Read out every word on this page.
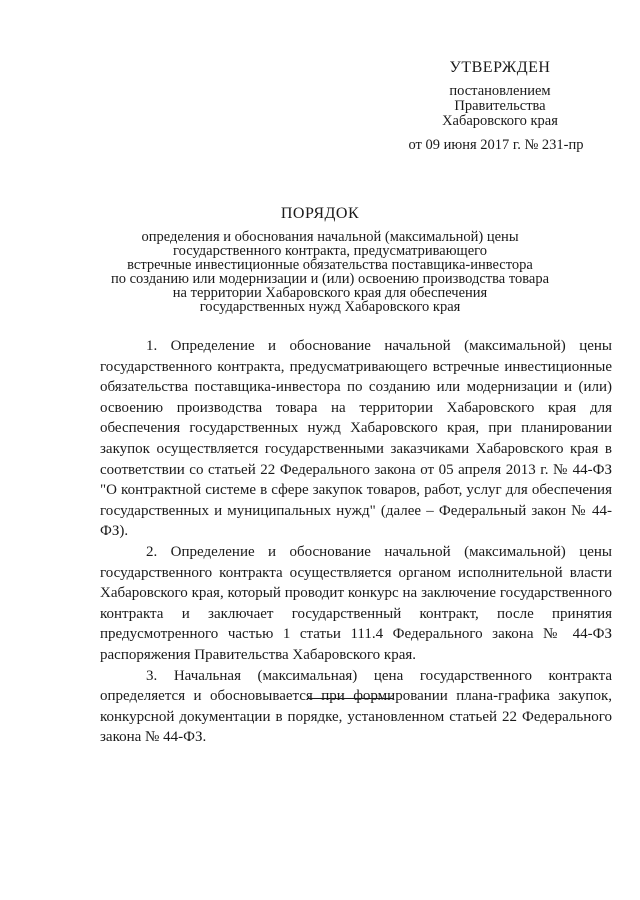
УТВЕРЖДЕН
постановлением
Правительства
Хабаровского края
от 09 июня 2017 г. № 231-пр
ПОРЯДОК
определения и обоснования начальной (максимальной) цены
государственного контракта, предусматривающего
встречные инвестиционные обязательства поставщика-инвестора
по созданию или модернизации и (или) освоению производства товара
на территории Хабаровского края для обеспечения
государственных нужд Хабаровского края

1. Определение и обоснование начальной (максимальной) цены государственного контракта, предусматривающего встречные инвестиционные обязательства поставщика-инвестора по созданию или модернизации и (или) освоению производства товара на территории Хабаровского края для обеспечения государственных нужд Хабаровского края, при планировании закупок осуществляется государственными заказчиками Хабаровского края в соответствии со статьей 22 Федерального закона от 05 апреля 2013 г. № 44-ФЗ "О контрактной системе в сфере закупок товаров, работ, услуг для обеспечения государственных и муниципальных нужд" (далее – Федеральный закон № 44-ФЗ).

2. Определение и обоснование начальной (максимальной) цены государственного контракта осуществляется органом исполнительной власти Хабаровского края, который проводит конкурс на заключение государственного контракта и заключает государственный контракт, после принятия предусмотренного частью 1 статьи 111.4 Федерального закона № 44-ФЗ распоряжения Правительства Хабаровского края.

3. Начальная (максимальная) цена государственного контракта определяется и обосновывается при формировании плана-графика закупок, конкурсной документации в порядке, установленном статьей 22 Федерального закона № 44-ФЗ.
